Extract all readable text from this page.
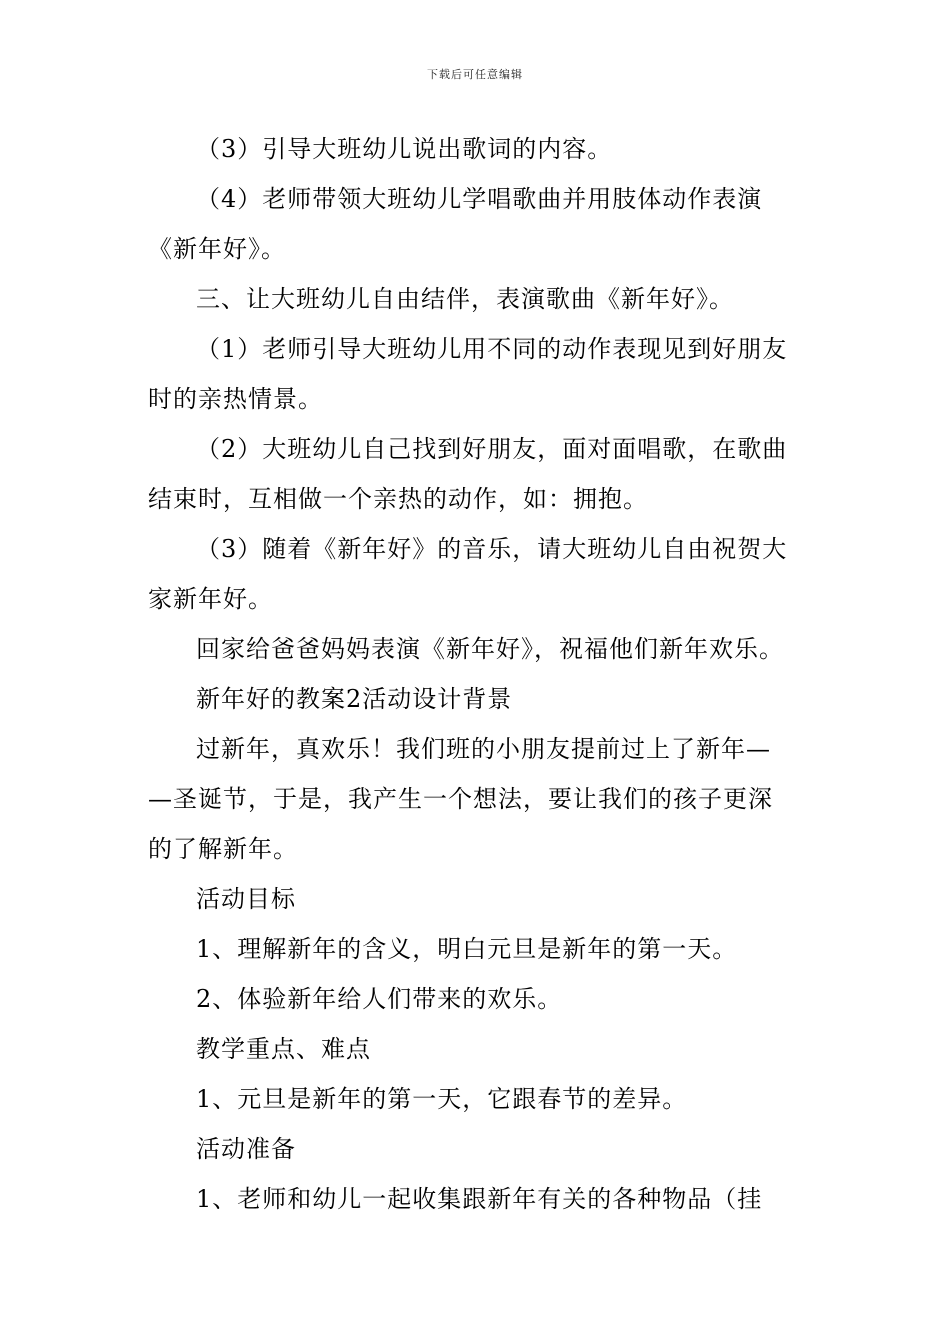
下载后可任意编辑
（3）引导大班幼儿说出歌词的内容。
（4）老师带领大班幼儿学唱歌曲并用肢体动作表演
《新年好》。
三、让大班幼儿自由结伴，表演歌曲《新年好》。
（1）老师引导大班幼儿用不同的动作表现见到好朋友
时的亲热情景。
（2）大班幼儿自己找到好朋友，面对面唱歌，在歌曲
结束时，互相做一个亲热的动作，如：拥抱。
（3）随着《新年好》的音乐，请大班幼儿自由祝贺大
家新年好。
回家给爸爸妈妈表演《新年好》，祝福他们新年欢乐。
新年好的教案2活动设计背景
过新年，真欢乐！我们班的小朋友提前过上了新年—
—圣诞节，于是，我产生一个想法，要让我们的孩子更深
的了解新年。
活动目标
1、理解新年的含义，明白元旦是新年的第一天。
2、体验新年给人们带来的欢乐。
教学重点、难点
1、元旦是新年的第一天，它跟春节的差异。
活动准备
1、老师和幼儿一起收集跟新年有关的各种物品（挂
